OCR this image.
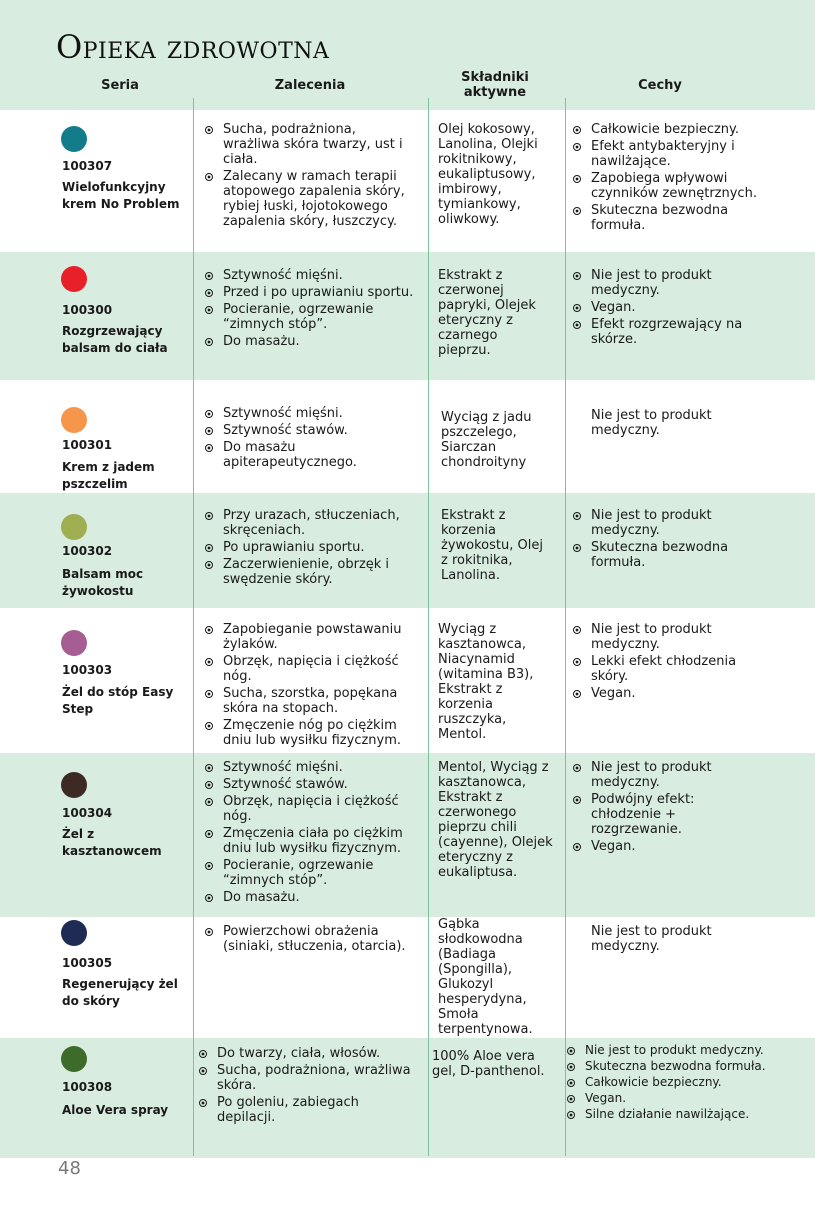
Opieka zdrowotna
Seria	Zalecenia
Składniki aktywne	Cechy
100307
Wielofunkcyjny krem No Problem
Sucha, podrażniona, wrażliwa skóra twarzy, ust i ciała.
Zalecany w ramach terapii atopowego zapalenia skóry, rybiej łuski, łojotokowego zapalenia skóry, łuszczycy.
Olej kokosowy, Lanolina, Olejki rokitnikowy, eukaliptusowy, imbirowy, tymiankowy, oliwkowy.
Całkowicie bezpieczny.
Efekt antybakteryjny i nawilżające.
Zapobiega wpływowi czynników zewnętrznych.
Skuteczna bezwodna formuła.
100300
Rozgrzewający balsam do ciała
Sztywność mięśni.
Przed i po uprawianiu sportu.
Pocieranie, ogrzewanie “zimnych stóp”.
Do masażu.
Ekstrakt z czerwonej papryki, Olejek eteryczny z czarnego pieprzu.
Nie jest to produkt medyczny.
Vegan.
Efekt rozgrzewający na skórze.
100301
Krem z jadem pszczelim
Sztywność mięśni.
Sztywność stawów.
Do masażu apiterapeutycznego.
Wyciąg z jadu pszczelego, Siarczan chondroityny
Nie jest to produkt medyczny.
100302
Balsam moc żywokostu
Przy urazach, stłuczeniach, skręceniach.
Po uprawianiu sportu.
Zaczerwienienie, obrzęk i swędzenie skóry.
Ekstrakt z korzenia żywokostu, Olej z rokitnika, Lanolina.
Nie jest to produkt medyczny.
Skuteczna bezwodna formuła.
100303
Żel do stóp Easy Step
Zapobieganie powstawaniu żylaków.
Obrzęk, napięcia i ciężkość nóg.
Sucha, szorstka, popękana skóra na stopach.
Zmęczenie nóg po ciężkim dniu lub wysiłku fizycznym.
Wyciąg z kasztanowca, Niacynamid (witamina B3), Ekstrakt z korzenia ruszczyka, Mentol.
Nie jest to produkt medyczny.
Lekki efekt chłodzenia skóry.
Vegan.
100304
Żel z kasztanowcem
Sztywność mięśni.
Sztywność stawów.
Obrzęk, napięcia i ciężkość nóg.
Zmęczenia ciała po ciężkim dniu lub wysiłku fizycznym.
Pocieranie, ogrzewanie “zimnych stóp”.
Do masażu.
Mentol, Wyciąg z kasztanowca, Ekstrakt z czerwonego pieprzu chili (cayenne), Olejek eteryczny z eukaliptusa.
Nie jest to produkt medyczny.
Podwójny efekt: chłodzenie + rozgrzewanie.
Vegan.
100305
Regenerujący żel do skóry
Powierzchowi obrażenia (siniaki, stłuczenia, otarcia).
Gąbka słodkowodna (Badiaga (Spongilla), Glukozyl hesperydyna, Smoła terpentynowa.
Nie jest to produkt medyczny.
100308
Aloe Vera spray
Do twarzy, ciała, włosów.
Sucha, podrażniona, wrażliwa skóra.
Po goleniu, zabiegach depilacji.
100% Aloe vera gel, D-panthenol.
Nie jest to produkt medyczny.
Skuteczna bezwodna formuła.
Całkowicie bezpieczny.
Vegan.
Silne działanie nawilżające.
48
